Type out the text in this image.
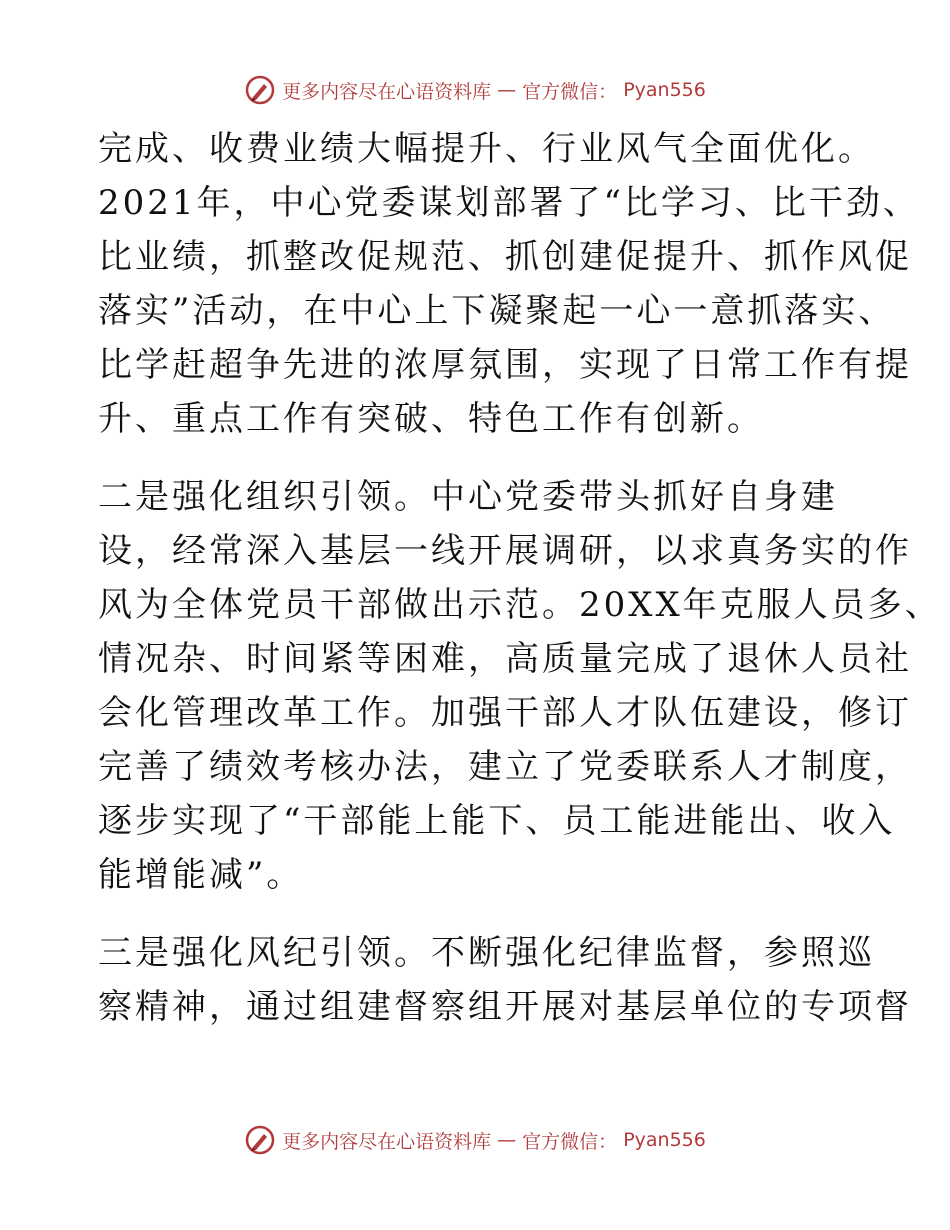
更多内容尽在心语资料库 — 官方微信： Pyan556

完成、收费业绩大幅提升、行业风气全面优化。

2021年，中心党委谋划部署了“比学习、比干劲、

比业绩，抓整改促规范、抓创建促提升、抓作风促

落实”活动，在中心上下凝聚起一心一意抓落实、

比学赶超争先进的浓厚氛围，实现了日常工作有提

升、重点工作有突破、特色工作有创新。

二是强化组织引领。中心党委带头抓好自身建

设，经常深入基层一线开展调研，以求真务实的作

风为全体党员干部做出示范。20XX年克服人员多、

情况杂、时间紧等困难，高质量完成了退休人员社

会化管理改革工作。加强干部人才队伍建设，修订

完善了绩效考核办法，建立了党委联系人才制度，

逐步实现了“干部能上能下、员工能进能出、收入

能增能减”。

三是强化风纪引领。不断强化纪律监督，参照巡

察精神，通过组建督察组开展对基层单位的专项督

更多内容尽在心语资料库 — 官方微信： Pyan556
